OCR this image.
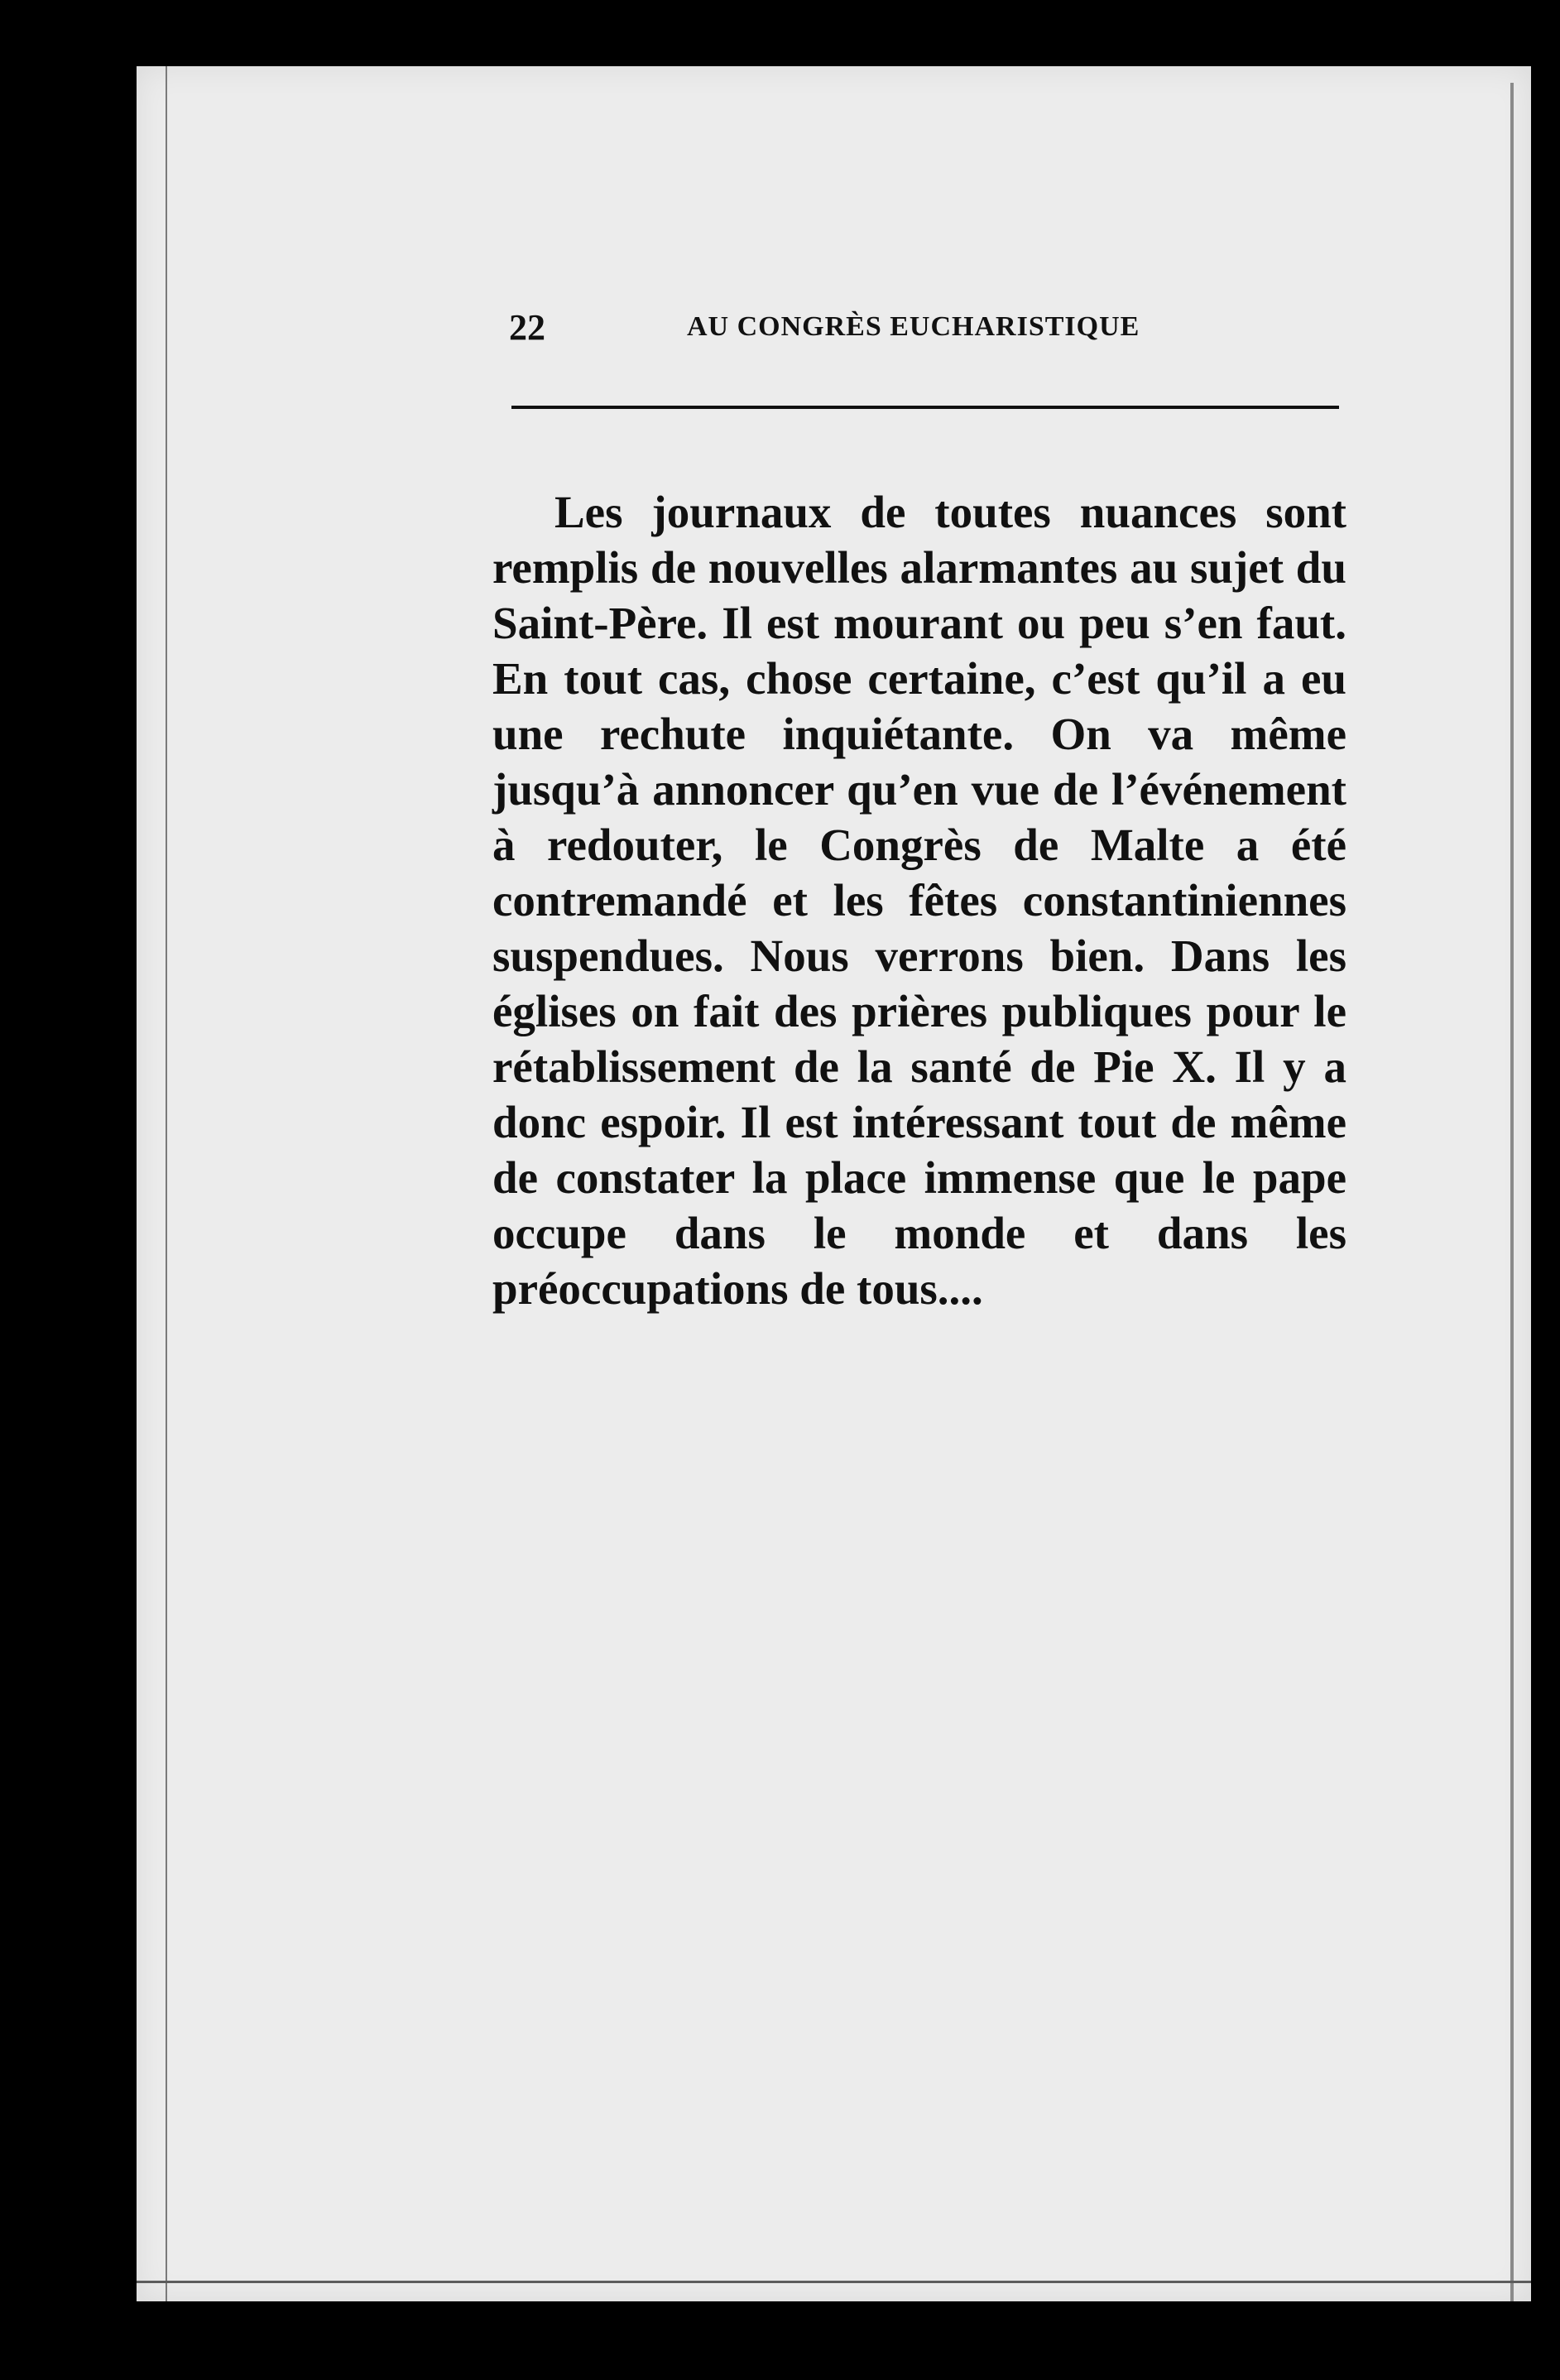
22	AU CONGRÈS EUCHARISTIQUE

Les journaux de toutes nuances sont remplis de nouvelles alarmantes au sujet du Saint-Père. Il est mourant ou peu s’en faut. En tout cas, chose certaine, c’est qu’il a eu une rechute inquiétante. On va même jusqu’à annoncer qu’en vue de l’événement à redouter, le Congrès de Malte a été contremandé et les fêtes constantiniennes suspendues. Nous verrons bien. Dans les églises on fait des prières publiques pour le rétablissement de la santé de Pie X. Il y a donc espoir. Il est intéressant tout de même de constater la place immense que le pape occupe dans le monde et dans les préoccupations de tous....
